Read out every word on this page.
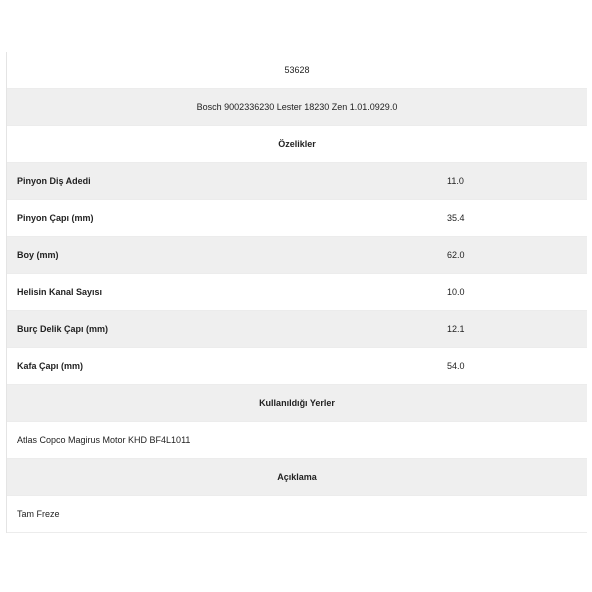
53628
Bosch 9002336230 Lester 18230 Zen 1.01.0929.0
Özelikler
Pinyon Diş Adedi	11.0
Pinyon Çapı (mm)	35.4
Boy (mm)	62.0
Helisin Kanal Sayısı	10.0
Burç Delik Çapı (mm)	12.1
Kafa Çapı (mm)	54.0
Kullanıldığı Yerler
Atlas Copco Magirus Motor KHD BF4L1011
Açıklama
Tam Freze
